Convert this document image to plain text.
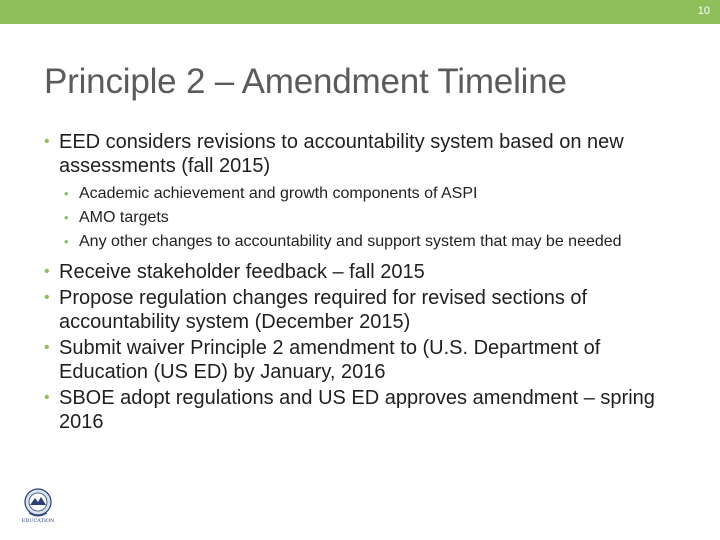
10
Principle 2 – Amendment Timeline
• EED considers revisions to accountability system based on new assessments (fall 2015)
• Academic achievement and growth components of ASPI
• AMO targets
• Any other changes to accountability and support system that may be needed
• Receive stakeholder feedback – fall 2015
• Propose regulation changes required for revised sections of accountability system (December 2015)
• Submit waiver Principle 2 amendment to (U.S. Department of Education (US ED) by January, 2016
• SBOE adopt regulations and US ED approves amendment – spring 2016
EDUCATION
